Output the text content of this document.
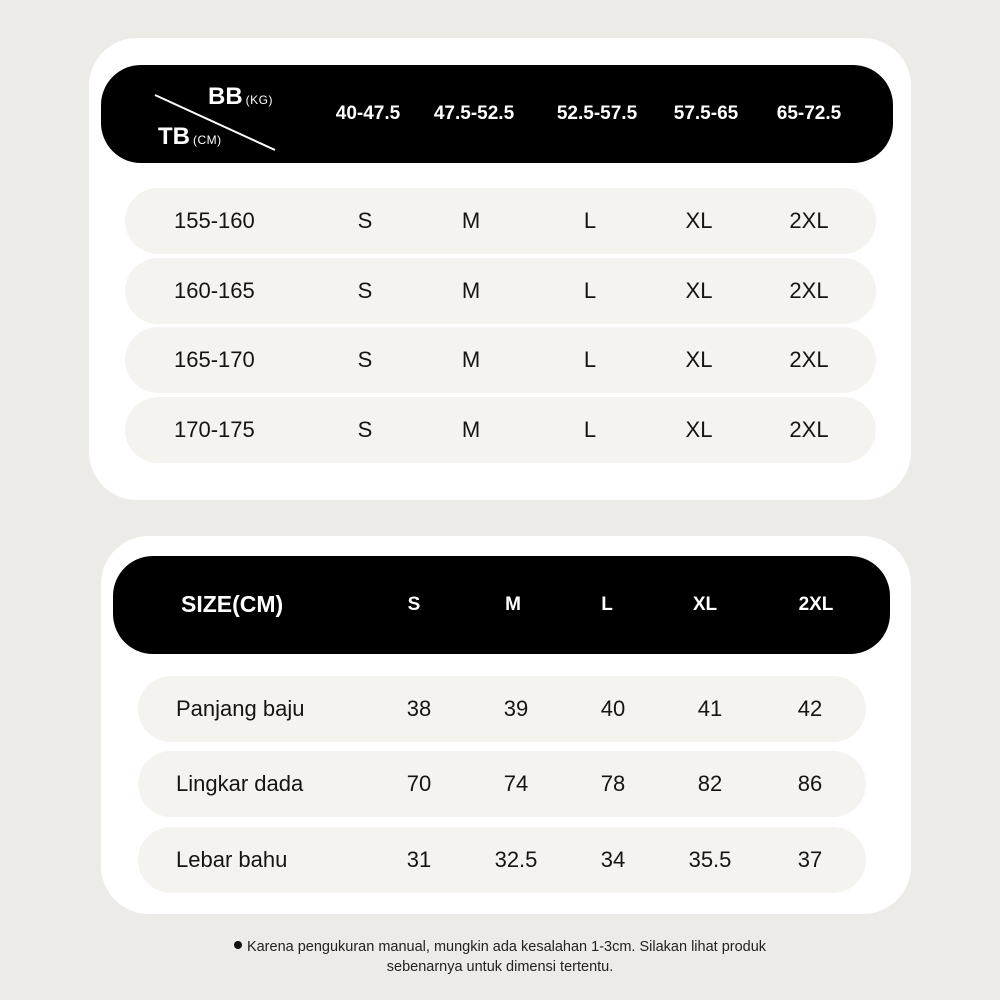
BB (KG)
TB (CM)
40-47.5 47.5-52.5 52.5-57.5 57.5-65 65-72.5
155-160	S	M	L	XL	2XL
160-165	S	M	L	XL	2XL
165-170	S	M	L	XL	2XL
170-175	S	M	L	XL	2XL
SIZE(CM)	S	M	L	XL	2XL
Panjang baju	38	39	40	41	42
Lingkar dada	70	74	78	82	86
Lebar bahu	31	32.5	34	35.5	37
Karena pengukuran manual, mungkin ada kesalahan 1-3cm. Silakan lihat produk
sebenarnya untuk dimensi tertentu.
